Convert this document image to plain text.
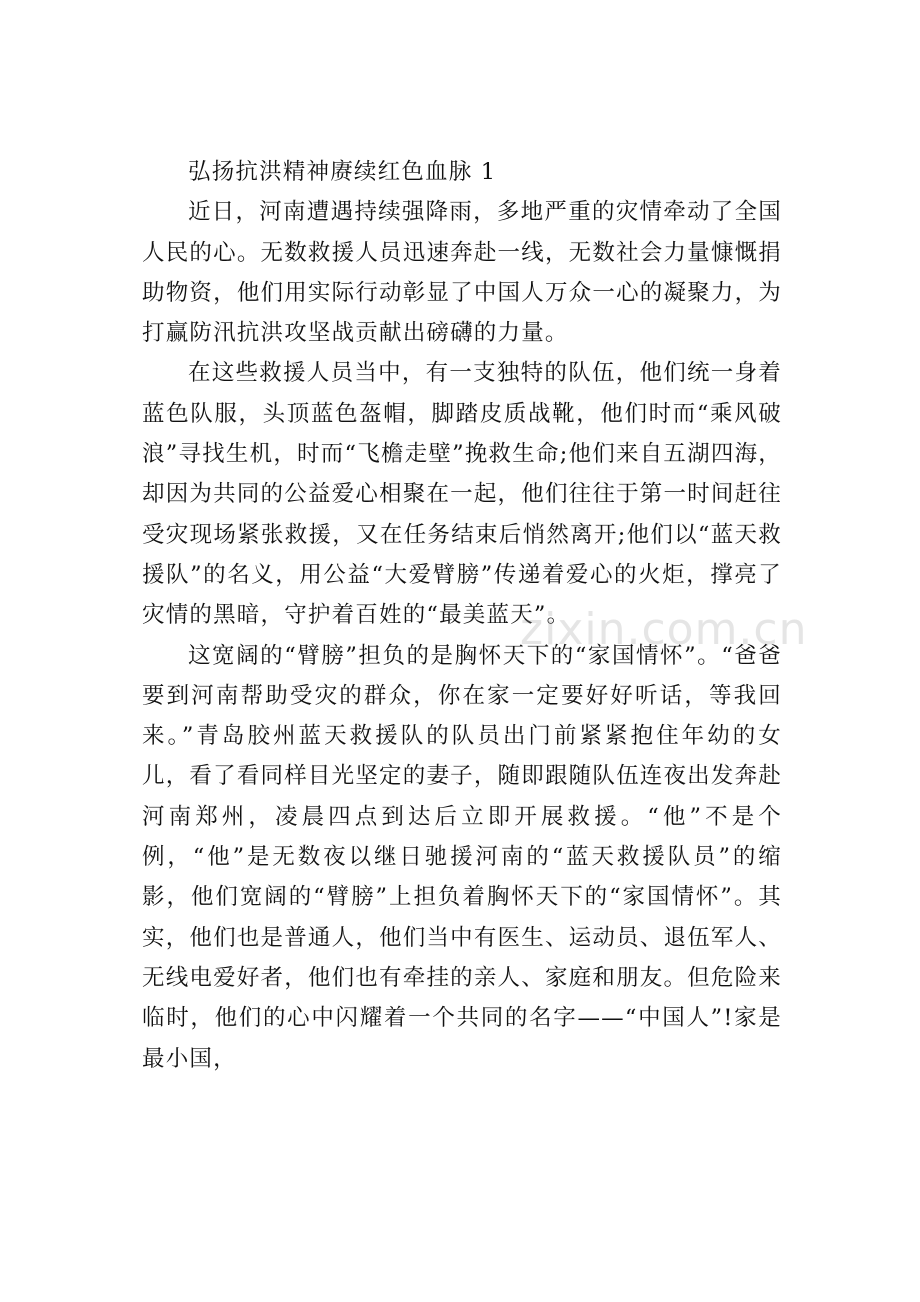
弘扬抗洪精神赓续红色血脉 1

近日，河南遭遇持续强降雨，多地严重的灾情牵动了全国人民的心。无数救援人员迅速奔赴一线，无数社会力量慷慨捐助物资，他们用实际行动彰显了中国人万众一心的凝聚力，为打赢防汛抗洪攻坚战贡献出磅礴的力量。

在这些救援人员当中，有一支独特的队伍，他们统一身着蓝色队服，头顶蓝色盔帽，脚踏皮质战靴，他们时而“乘风破浪”寻找生机，时而“飞檐走壁”挽救生命;他们来自五湖四海，却因为共同的公益爱心相聚在一起，他们往往于第一时间赶往受灾现场紧张救援，又在任务结束后悄然离开;他们以“蓝天救援队”的名义，用公益“大爱臂膀”传递着爱心的火炬，撑亮了灾情的黑暗，守护着百姓的“最美蓝天”。

这宽阔的“臂膀”担负的是胸怀天下的“家国情怀”。“爸爸要到河南帮助受灾的群众，你在家一定要好好听话，等我回来。”青岛胶州蓝天救援队的队员出门前紧紧抱住年幼的女儿，看了看同样目光坚定的妻子，随即跟随队伍连夜出发奔赴河南郑州，凌晨四点到达后立即开展救援。“他”不是个例，“他”是无数夜以继日驰援河南的“蓝天救援队员”的缩影，他们宽阔的“臂膀”上担负着胸怀天下的“家国情怀”。其实，他们也是普通人，他们当中有医生、运动员、退伍军人、无线电爱好者，他们也有牵挂的亲人、家庭和朋友。但危险来临时，他们的心中闪耀着一个共同的名字——“中国人”!家是最小国，

zixin.com.cn
